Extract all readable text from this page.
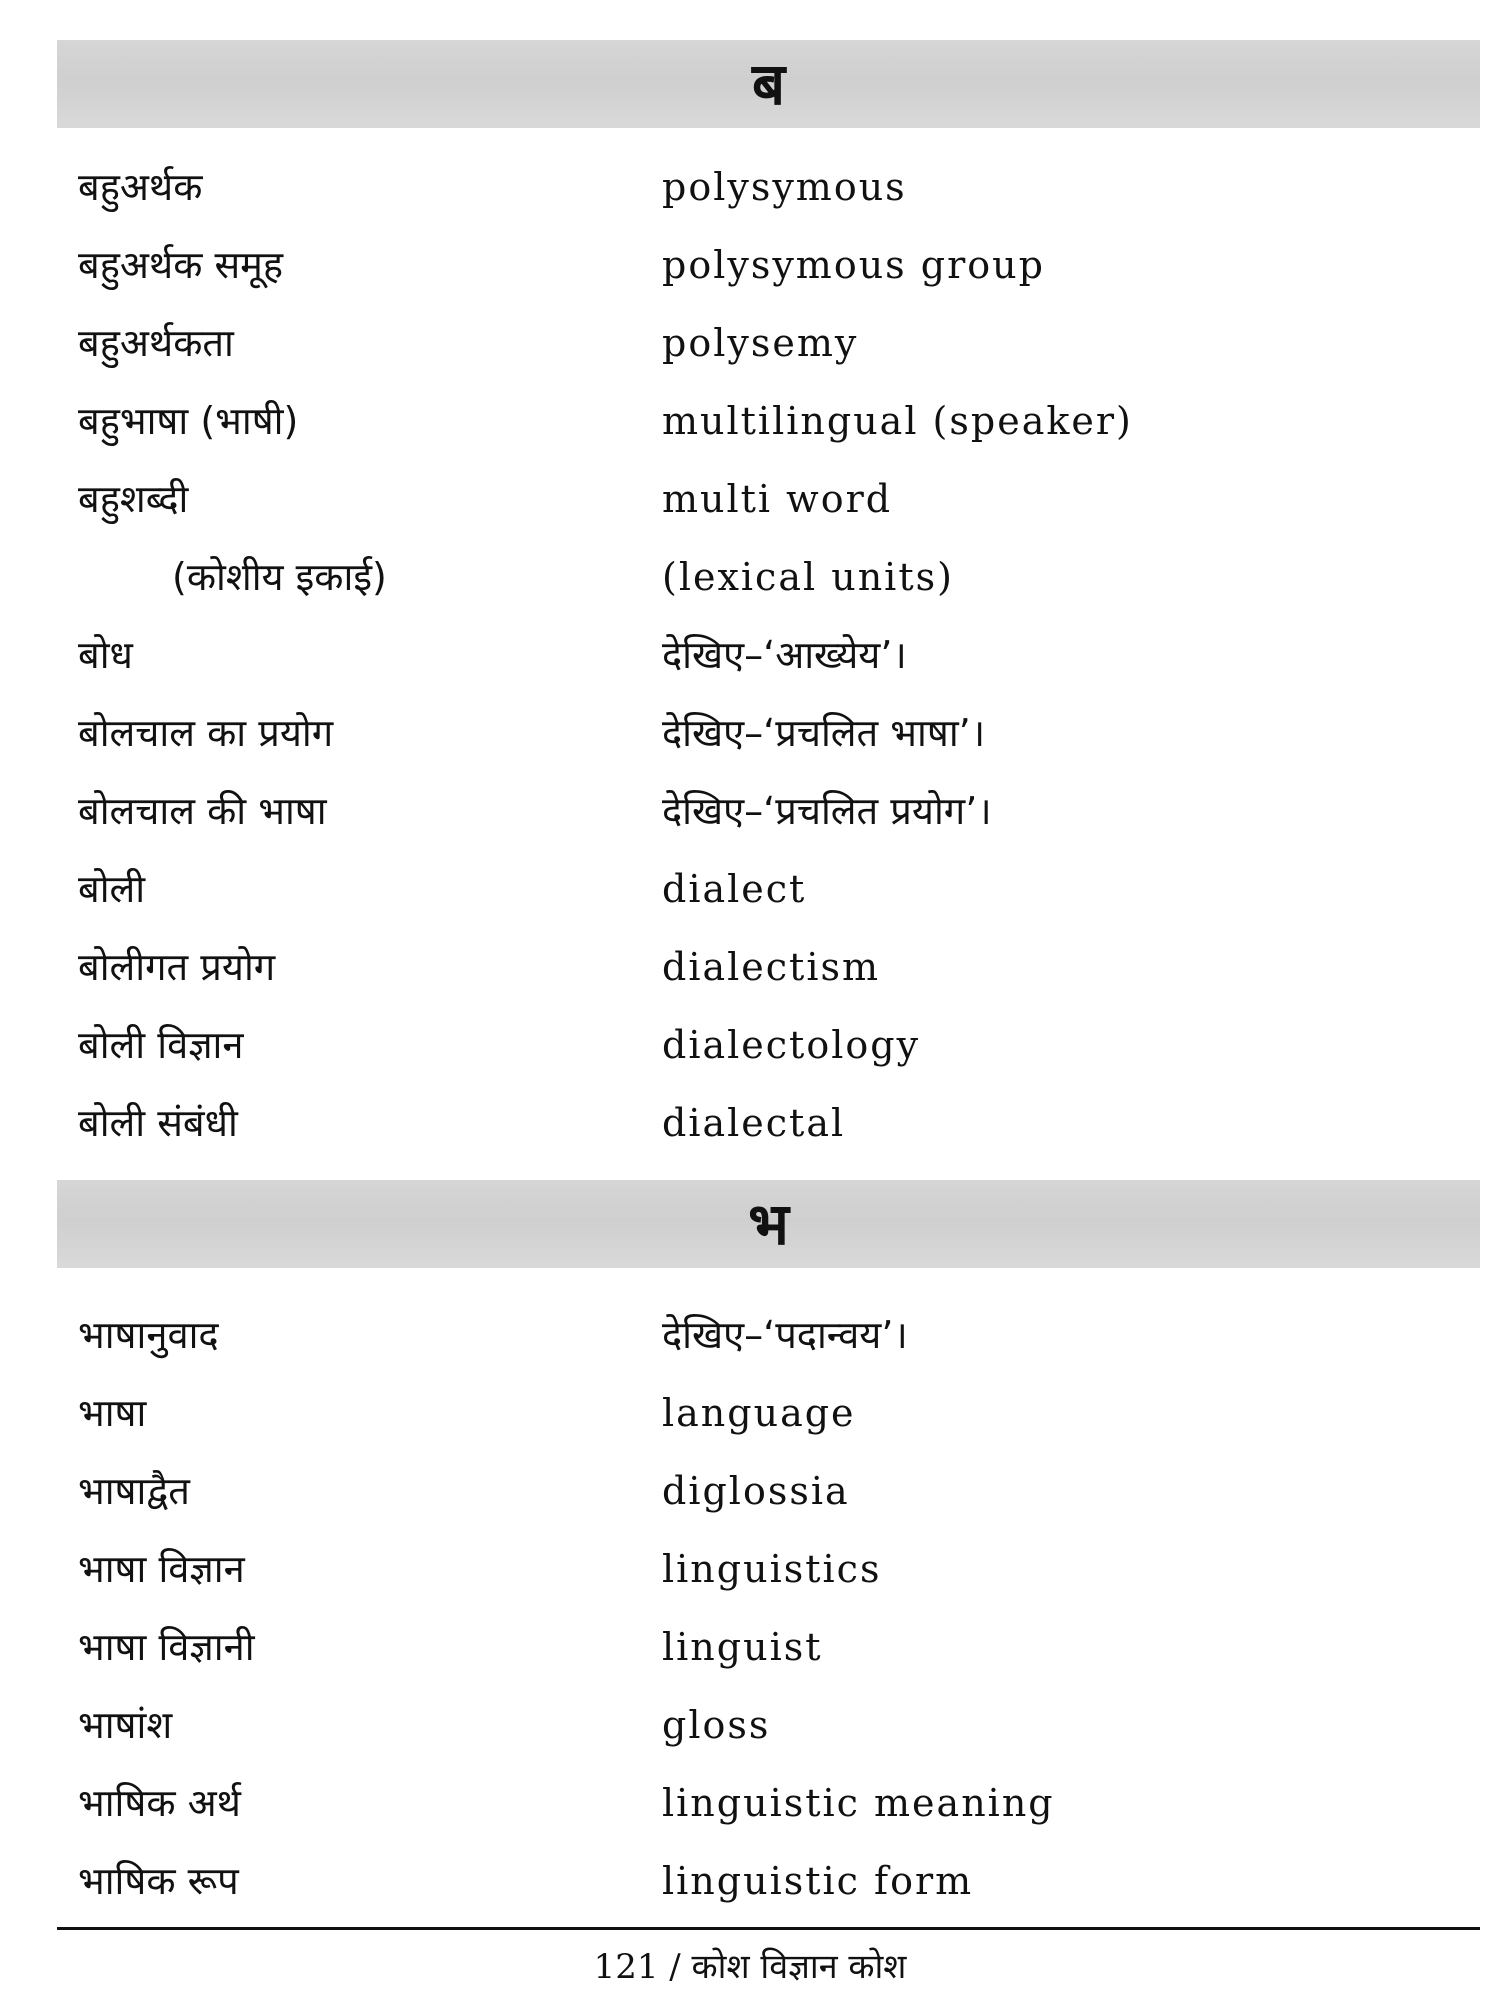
ब
बहुअर्थक	polysymous
बहुअर्थक समूह	polysymous group
बहुअर्थकता	polysemy
बहुभाषा (भाषी)	multilingual (speaker)
बहुशब्दी	multi word
(कोशीय इकाई)	(lexical units)
बोध	देखिए–‘आख्येय’।
बोलचाल का प्रयोग	देखिए–‘प्रचलित भाषा’।
बोलचाल की भाषा	देखिए–‘प्रचलित प्रयोग’।
बोली	dialect
बोलीगत प्रयोग	dialectism
बोली विज्ञान	dialectology
बोली संबंधी	dialectal
भ
भाषानुवाद	देखिए–‘पदान्वय’।
भाषा	language
भाषाद्वैत	diglossia
भाषा विज्ञान	linguistics
भाषा विज्ञानी	linguist
भाषांश	gloss
भाषिक अर्थ	linguistic meaning
भाषिक रूप	linguistic form
121 / कोश विज्ञान कोश
